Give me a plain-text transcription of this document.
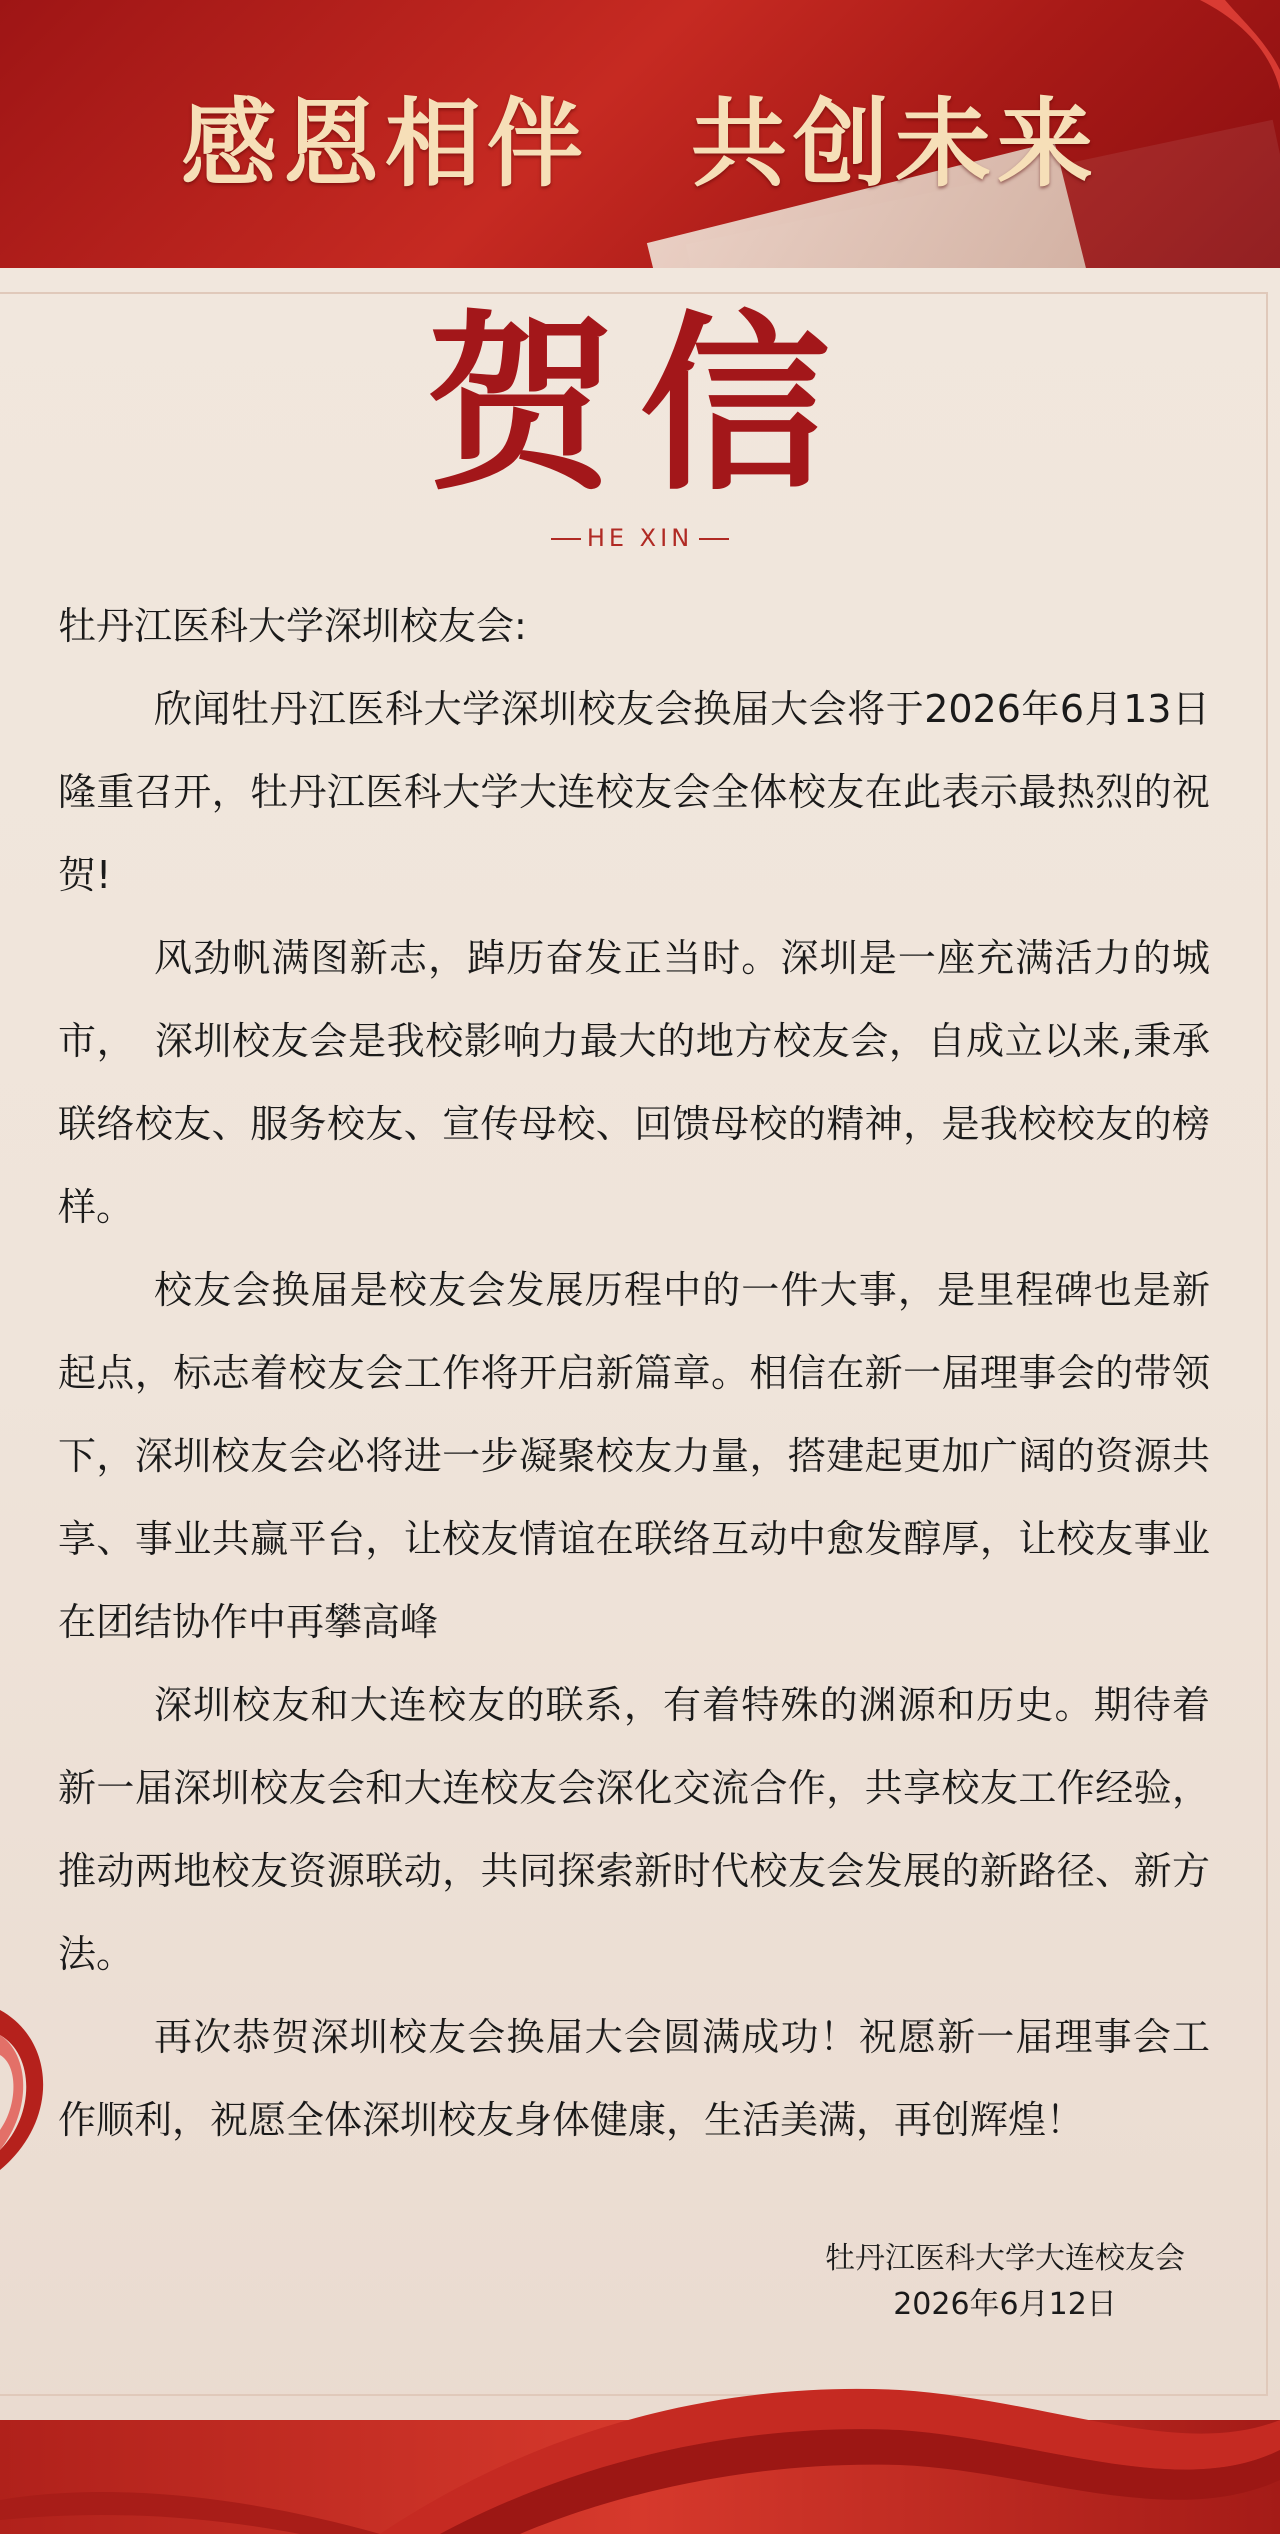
感恩相伴　共创未来
贺信
HE XIN

牡丹江医科大学深圳校友会:

欣闻牡丹江医科大学深圳校友会换届大会将于2026年6月13日隆重召开，牡丹江医科大学大连校友会全体校友在此表示最热烈的祝贺!

风劲帆满图新志，踔历奋发正当时。深圳是一座充满活力的城市，　深圳校友会是我校影响力最大的地方校友会，自成立以来,秉承联络校友、服务校友、宣传母校、回馈母校的精神，是我校校友的榜样。

校友会换届是校友会发展历程中的一件大事，是里程碑也是新起点，标志着校友会工作将开启新篇章。相信在新一届理事会的带领下，深圳校友会必将进一步凝聚校友力量，搭建起更加广阔的资源共享、事业共赢平台，让校友情谊在联络互动中愈发醇厚，让校友事业在团结协作中再攀高峰

深圳校友和大连校友的联系，有着特殊的渊源和历史。期待着新一届深圳校友会和大连校友会深化交流合作，共享校友工作经验，推动两地校友资源联动，共同探索新时代校友会发展的新路径、新方法。

再次恭贺深圳校友会换届大会圆满成功！祝愿新一届理事会工作顺利，祝愿全体深圳校友身体健康，生活美满，再创辉煌！

牡丹江医科大学大连校友会
2026年6月12日
